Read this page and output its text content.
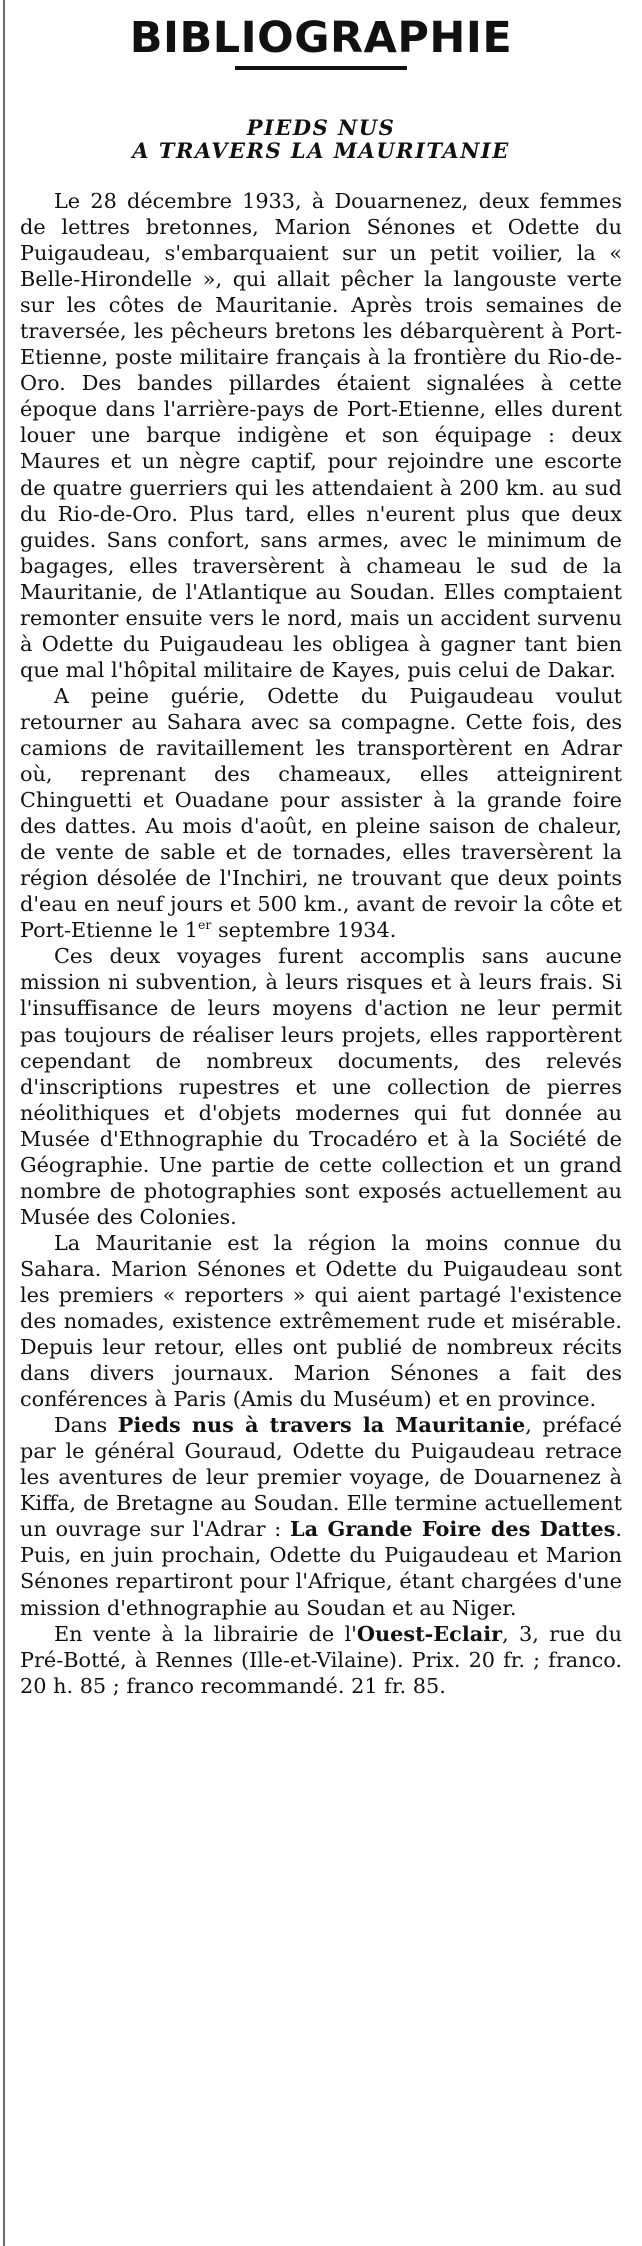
BIBLIOGRAPHIE
PIEDS NUS
A TRAVERS LA MAURITANIE

Le 28 décembre 1933, à Douarnenez, deux femmes de lettres bretonnes, Marion Sénones et Odette du Puigaudeau, s'embarquaient sur un petit voilier, la « Belle-Hirondelle », qui allait pêcher la langouste verte sur les côtes de Mauritanie. Après trois semaines de traversée, les pêcheurs bretons les débarquèrent à Port-Etienne, poste militaire français à la frontière du Rio-de-Oro. Des bandes pillardes étaient signalées à cette époque dans l'arrière-pays de Port-Etienne, elles durent louer une barque indigène et son équipage : deux Maures et un nègre captif, pour rejoindre une escorte de quatre guerriers qui les attendaient à 200 km. au sud du Rio-de-Oro. Plus tard, elles n'eurent plus que deux guides. Sans confort, sans armes, avec le minimum de bagages, elles traversèrent à chameau le sud de la Mauritanie, de l'Atlantique au Soudan. Elles comptaient remonter ensuite vers le nord, mais un accident survenu à Odette du Puigaudeau les obligea à gagner tant bien que mal l'hôpital militaire de Kayes, puis celui de Dakar.

A peine guérie, Odette du Puigaudeau voulut retourner au Sahara avec sa compagne. Cette fois, des camions de ravitaillement les transportèrent en Adrar où, reprenant des chameaux, elles atteignirent Chinguetti et Ouadane pour assister à la grande foire des dattes. Au mois d'août, en pleine saison de chaleur, de vente de sable et de tornades, elles traversèrent la région désolée de l'Inchiri, ne trouvant que deux points d'eau en neuf jours et 500 km., avant de revoir la côte et Port-Etienne le 1er septembre 1934.

Ces deux voyages furent accomplis sans aucune mission ni subvention, à leurs risques et à leurs frais. Si l'insuffisance de leurs moyens d'action ne leur permit pas toujours de réaliser leurs projets, elles rapportèrent cependant de nombreux documents, des relevés d'inscriptions rupestres et une collection de pierres néolithiques et d'objets modernes qui fut donnée au Musée d'Ethnographie du Trocadéro et à la Société de Géographie. Une partie de cette collection et un grand nombre de photographies sont exposés actuellement au Musée des Colonies.

La Mauritanie est la région la moins connue du Sahara. Marion Sénones et Odette du Puigaudeau sont les premiers « reporters » qui aient partagé l'existence des nomades, existence extrêmement rude et misérable. Depuis leur retour, elles ont publié de nombreux récits dans divers journaux. Marion Sénones a fait des conférences à Paris (Amis du Muséum) et en province.

Dans Pieds nus à travers la Mauritanie, préfacé par le général Gouraud, Odette du Puigaudeau retrace les aventures de leur premier voyage, de Douarnenez à Kiffa, de Bretagne au Soudan. Elle termine actuellement un ouvrage sur l'Adrar : La Grande Foire des Dattes. Puis, en juin prochain, Odette du Puigaudeau et Marion Sénones repartiront pour l'Afrique, étant chargées d'une mission d'ethnographie au Soudan et au Niger.

En vente à la librairie de l'Ouest-Eclair, 3, rue du Pré-Botté, à Rennes (Ille-et-Vilaine). Prix. 20 fr. ; franco. 20 h. 85 ; franco recommandé. 21 fr. 85.
